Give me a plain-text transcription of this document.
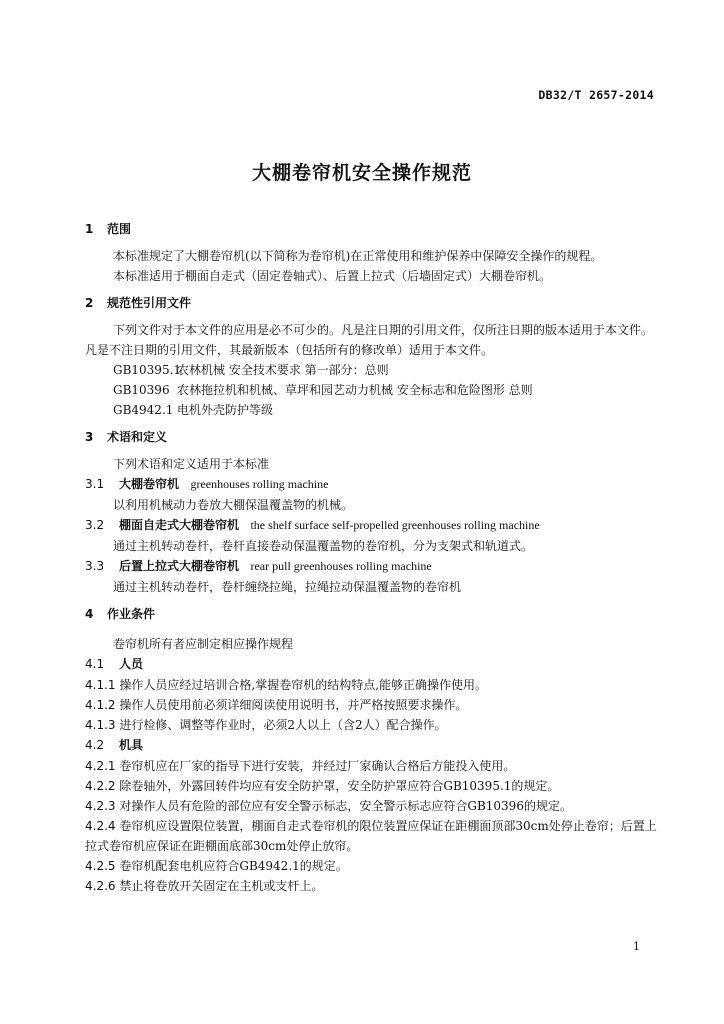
DB32/T 2657-2014
大棚卷帘机安全操作规范
1 范围
本标准规定了大棚卷帘机(以下简称为卷帘机)在正常使用和维护保养中保障安全操作的规程。
本标准适用于棚面自走式（固定卷轴式）、后置上拉式（后墙固定式）大棚卷帘机。
2 规范性引用文件
下列文件对于本文件的应用是必不可少的。凡是注日期的引用文件，仅所注日期的版本适用于本文件。凡是不注日期的引用文件，其最新版本（包括所有的修改单）适用于本文件。
GB10395.1农林机械 安全技术要求 第一部分：总则
GB10396 农林拖拉机和机械、草坪和园艺动力机械 安全标志和危险图形 总则
GB4942.1 电机外壳防护等级
3 术语和定义
下列术语和定义适用于本标准
3.1 大棚卷帘机 greenhouses rolling machine
以利用机械动力卷放大棚保温覆盖物的机械。
3.2 棚面自走式大棚卷帘机 the shelf surface self-propelled greenhouses rolling machine
通过主机转动卷杆，卷杆直接卷动保温覆盖物的卷帘机，分为支架式和轨道式。
3.3 后置上拉式大棚卷帘机 rear pull greenhouses rolling machine
通过主机转动卷杆，卷杆缠绕拉绳，拉绳拉动保温覆盖物的卷帘机
4 作业条件
卷帘机所有者应制定相应操作规程
4.1 人员
4.1.1 操作人员应经过培训合格,掌握卷帘机的结构特点,能够正确操作使用。
4.1.2 操作人员使用前必须详细阅读使用说明书，并严格按照要求操作。
4.1.3 进行检修、调整等作业时，必须2人以上（含2人）配合操作。
4.2 机具
4.2.1 卷帘机应在厂家的指导下进行安装，并经过厂家确认合格后方能投入使用。
4.2.2 除卷轴外，外露回转件均应有安全防护罩，安全防护罩应符合GB10395.1的规定。
4.2.3 对操作人员有危险的部位应有安全警示标志，安全警示标志应符合GB10396的规定。
4.2.4 卷帘机应设置限位装置，棚面自走式卷帘机的限位装置应保证在距棚面顶部30cm处停止卷帘；后置上拉式卷帘机应保证在距棚面底部30cm处停止放帘。
4.2.5 卷帘机配套电机应符合GB4942.1的规定。
4.2.6 禁止将卷放开关固定在主机或支杆上。
1
